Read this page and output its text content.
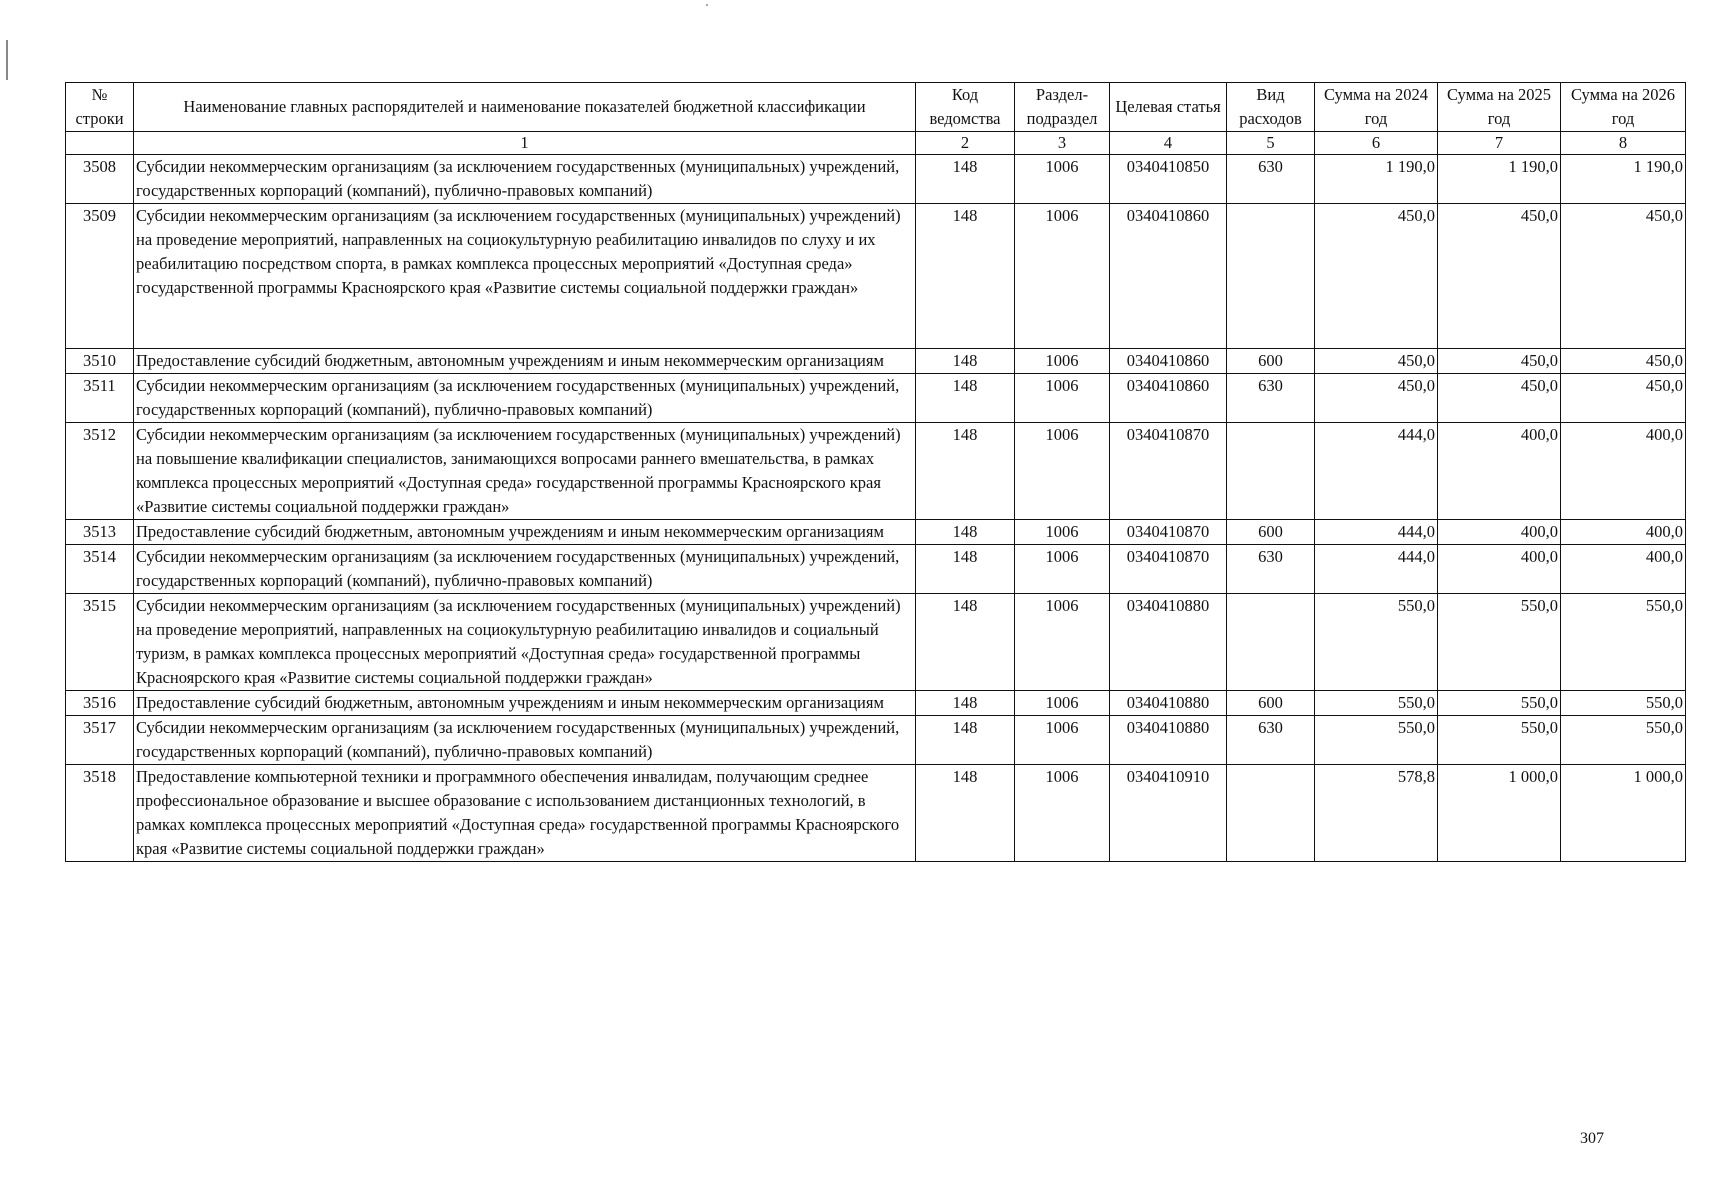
№ строки	Наименование главных распорядителей и наименование показателей бюджетной классификации	Код ведомства	Раздел-подраздел	Целевая статья	Вид расходов	Сумма на 2024 год	Сумма на 2025 год	Сумма на 2026 год
	1	2	3	4	5	6	7	8
3508	Субсидии некоммерческим организациям (за исключением государственных (муниципальных) учреждений, государственных корпораций (компаний), публично-правовых компаний)	148	1006	0340410850	630	1 190,0	1 190,0	1 190,0
3509	Субсидии некоммерческим организациям (за исключением государственных (муниципальных) учреждений) на проведение мероприятий, направленных на социокультурную реабилитацию инвалидов по слуху и их реабилитацию посредством спорта, в рамках комплекса процессных мероприятий «Доступная среда» государственной программы Красноярского края «Развитие системы социальной поддержки граждан»	148	1006	0340410860		450,0	450,0	450,0
3510	Предоставление субсидий бюджетным, автономным учреждениям и иным некоммерческим организациям	148	1006	0340410860	600	450,0	450,0	450,0
3511	Субсидии некоммерческим организациям (за исключением государственных (муниципальных) учреждений, государственных корпораций (компаний), публично-правовых компаний)	148	1006	0340410860	630	450,0	450,0	450,0
3512	Субсидии некоммерческим организациям (за исключением государственных (муниципальных) учреждений) на повышение квалификации специалистов, занимающихся вопросами раннего вмешательства, в рамках комплекса процессных мероприятий «Доступная среда» государственной программы Красноярского края «Развитие системы социальной поддержки граждан»	148	1006	0340410870		444,0	400,0	400,0
3513	Предоставление субсидий бюджетным, автономным учреждениям и иным некоммерческим организациям	148	1006	0340410870	600	444,0	400,0	400,0
3514	Субсидии некоммерческим организациям (за исключением государственных (муниципальных) учреждений, государственных корпораций (компаний), публично-правовых компаний)	148	1006	0340410870	630	444,0	400,0	400,0
3515	Субсидии некоммерческим организациям (за исключением государственных (муниципальных) учреждений) на проведение мероприятий, направленных на социокультурную реабилитацию инвалидов и социальный туризм, в рамках комплекса процессных мероприятий «Доступная среда» государственной программы Красноярского края «Развитие системы социальной поддержки граждан»	148	1006	0340410880		550,0	550,0	550,0
3516	Предоставление субсидий бюджетным, автономным учреждениям и иным некоммерческим организациям	148	1006	0340410880	600	550,0	550,0	550,0
3517	Субсидии некоммерческим организациям (за исключением государственных (муниципальных) учреждений, государственных корпораций (компаний), публично-правовых компаний)	148	1006	0340410880	630	550,0	550,0	550,0
3518	Предоставление компьютерной техники и программного обеспечения инвалидам, получающим среднее профессиональное образование и высшее образование с использованием дистанционных технологий, в рамках комплекса процессных мероприятий «Доступная среда» государственной программы Красноярского края «Развитие системы социальной поддержки граждан»	148	1006	0340410910		578,8	1 000,0	1 000,0
307
